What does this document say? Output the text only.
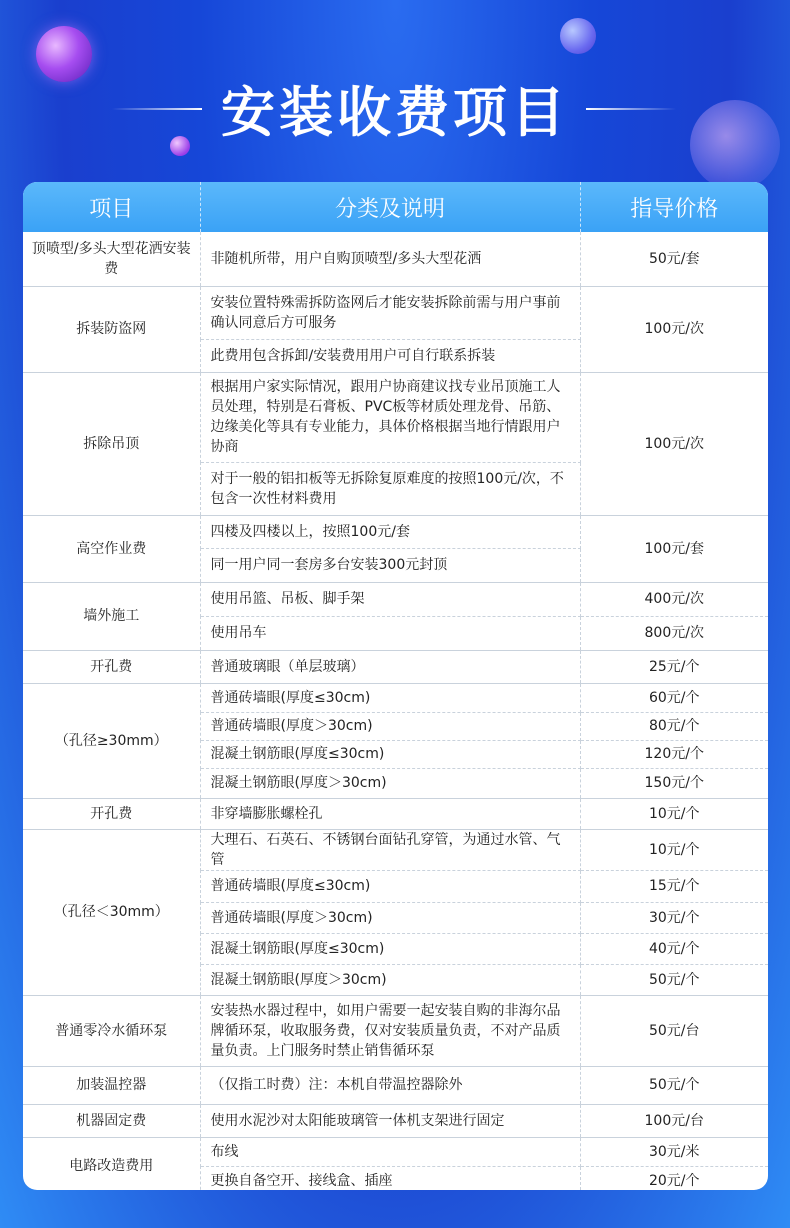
安装收费项目
项目	分类及说明	指导价格
顶喷型/多头大型花洒安装费	非随机所带，用户自购顶喷型/多头大型花洒	50元/套
拆装防盗网	安装位置特殊需拆防盗网后才能安装拆除前需与用户事前确认同意后方可服务	100元/次
	此费用包含拆卸/安装费用用户可自行联系拆装	
拆除吊顶	根据用户家实际情况，跟用户协商建议找专业吊顶施工人员处理，特别是石膏板、PVC板等材质处理龙骨、吊筋、边缘美化等具有专业能力，具体价格根据当地行情跟用户协商	100元/次
	对于一般的铝扣板等无拆除复原难度的按照100元/次，不包含一次性材料费用	
高空作业费	四楼及四楼以上，按照100元/套	100元/套
	同一用户同一套房多台安装300元封顶	
墙外施工	使用吊篮、吊板、脚手架	400元/次
	使用吊车	800元/次
开孔费	普通玻璃眼（单层玻璃）	25元/个
（孔径≥30mm）	普通砖墙眼(厚度≤30cm)	60元/个
	普通砖墙眼(厚度＞30cm)	80元/个
	混凝土钢筋眼(厚度≤30cm)	120元/个
	混凝土钢筋眼(厚度＞30cm)	150元/个
开孔费	非穿墙膨胀螺栓孔	10元/个
（孔径＜30mm）	大理石、石英石、不锈钢台面钻孔穿管，为通过水管、气管	10元/个
	普通砖墙眼(厚度≤30cm)	15元/个
	普通砖墙眼(厚度＞30cm)	30元/个
	混凝土钢筋眼(厚度≤30cm)	40元/个
	混凝土钢筋眼(厚度＞30cm)	50元/个
普通零冷水循环泵	安装热水器过程中，如用户需要一起安装自购的非海尔品牌循环泵，收取服务费，仅对安装质量负责，不对产品质量负责。上门服务时禁止销售循环泵	50元/台
加装温控器	（仅指工时费）注：本机自带温控器除外	50元/个
机器固定费	使用水泥沙对太阳能玻璃管一体机支架进行固定	100元/台
电路改造费用	布线	30元/米
	更换自备空开、接线盒、插座	20元/个
